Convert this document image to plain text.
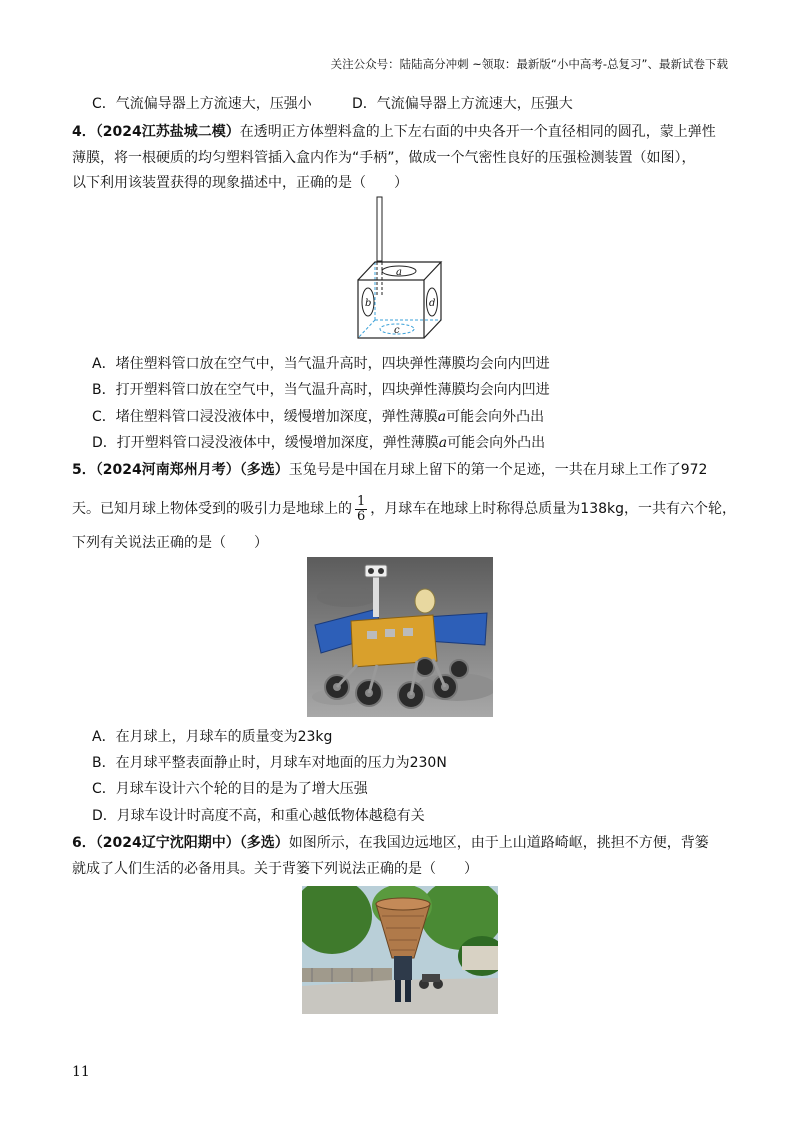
关注公众号：陆陆高分冲刺 ~领取：最新版“小中高考-总复习”、最新试卷下载
C．气流偏导器上方流速大，压强小	D．气流偏导器上方流速大，压强大
4．（2024江苏盐城二模）在透明正方体塑料盒的上下左右面的中央各开一个直径相同的圆孔，蒙上弹性
薄膜，将一根硬质的均匀塑料管插入盒内作为“手柄”，做成一个气密性良好的压强检测装置（如图），
以下利用该装置获得的现象描述中，正确的是（　　）
a
b	d
c
A．堵住塑料管口放在空气中，当气温升高时，四块弹性薄膜均会向内凹进
B．打开塑料管口放在空气中，当气温升高时，四块弹性薄膜均会向内凹进
C．堵住塑料管口浸没液体中，缓慢增加深度，弹性薄膜a可能会向外凸出
D．打开塑料管口浸没液体中，缓慢增加深度，弹性薄膜a可能会向外凸出
5．（2024河南郑州月考）（多选）玉兔号是中国在月球上留下的第一个足迹，一共在月球上工作了972
天。已知月球上物体受到的吸引力是地球上的 $\frac{1}{6}$ ，月球车在地球上时称得总质量为138kg，一共有六个轮，
下列有关说法正确的是（　　）
A．在月球上，月球车的质量变为23kg
B．在月球平整表面静止时，月球车对地面的压力为230N
C．月球车设计六个轮的目的是为了增大压强
D．月球车设计时高度不高，和重心越低物体越稳有关
6．（2024辽宁沈阳期中）（多选）如图所示，在我国边远地区，由于上山道路崎岖，挑担不方便，背篓
就成了人们生活的必备用具。关于背篓下列说法正确的是（　　）
11
